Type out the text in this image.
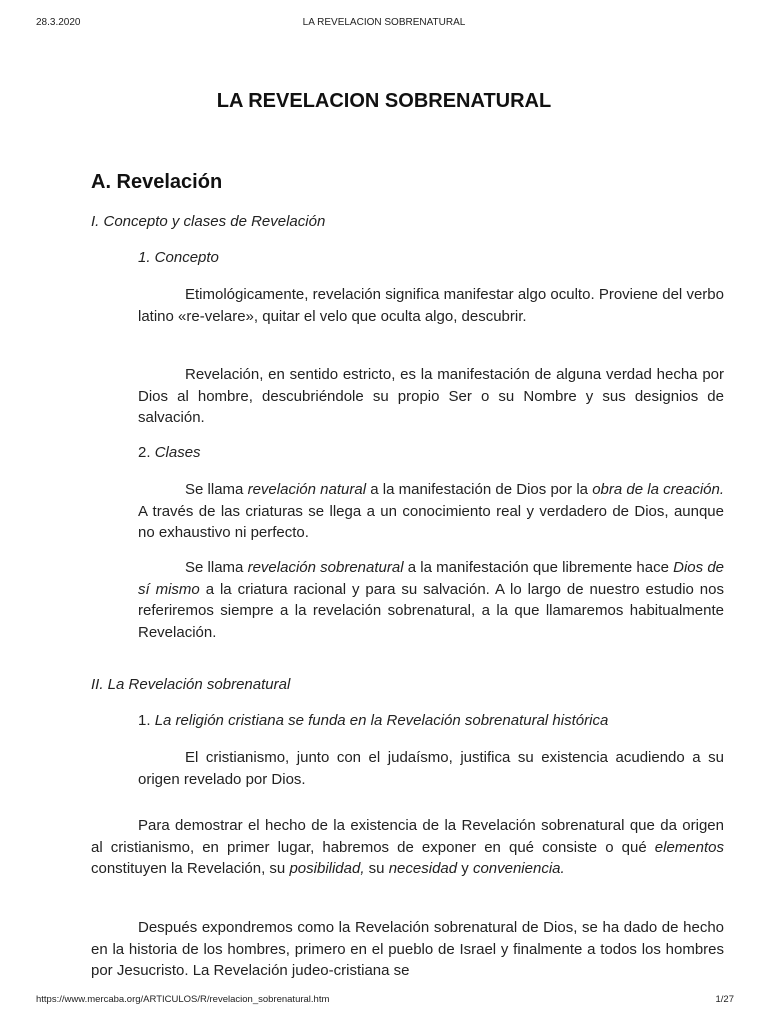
28.3.2020	LA REVELACION SOBRENATURAL
LA REVELACION SOBRENATURAL
A. Revelación
I. Concepto y clases de Revelación
1. Concepto

Etimológicamente, revelación significa manifestar algo oculto. Proviene del verbo latino «re-velare», quitar el velo que oculta algo, descubrir.

Revelación, en sentido estricto, es la manifestación de alguna verdad hecha por Dios al hombre, descubriéndole su propio Ser o su Nombre y sus designios de salvación.

2. Clases

Se llama revelación natural a la manifestación de Dios por la obra de la creación. A través de las criaturas se llega a un conocimiento real y verdadero de Dios, aunque no exhaustivo ni perfecto.

Se llama revelación sobrenatural a la manifestación que libremente hace Dios de sí mismo a la criatura racional y para su salvación. A lo largo de nuestro estudio nos referiremos siempre a la revelación sobrenatural, a la que llamaremos habitualmente Revelación.

II. La Revelación sobrenatural
1. La religión cristiana se funda en la Revelación sobrenatural histórica

El cristianismo, junto con el judaísmo, justifica su existencia acudiendo a su origen revelado por Dios.

Para demostrar el hecho de la existencia de la Revelación sobrenatural que da origen al cristianismo, en primer lugar, habremos de exponer en qué consiste o qué elementos constituyen la Revelación, su posibilidad, su necesidad y conveniencia.

Después expondremos como la Revelación sobrenatural de Dios, se ha dado de hecho en la historia de los hombres, primero en el pueblo de Israel y finalmente a todos los hombres por Jesucristo. La Revelación judeo-cristiana se

https://www.mercaba.org/ARTICULOS/R/revelacion_sobrenatural.htm	1/27
